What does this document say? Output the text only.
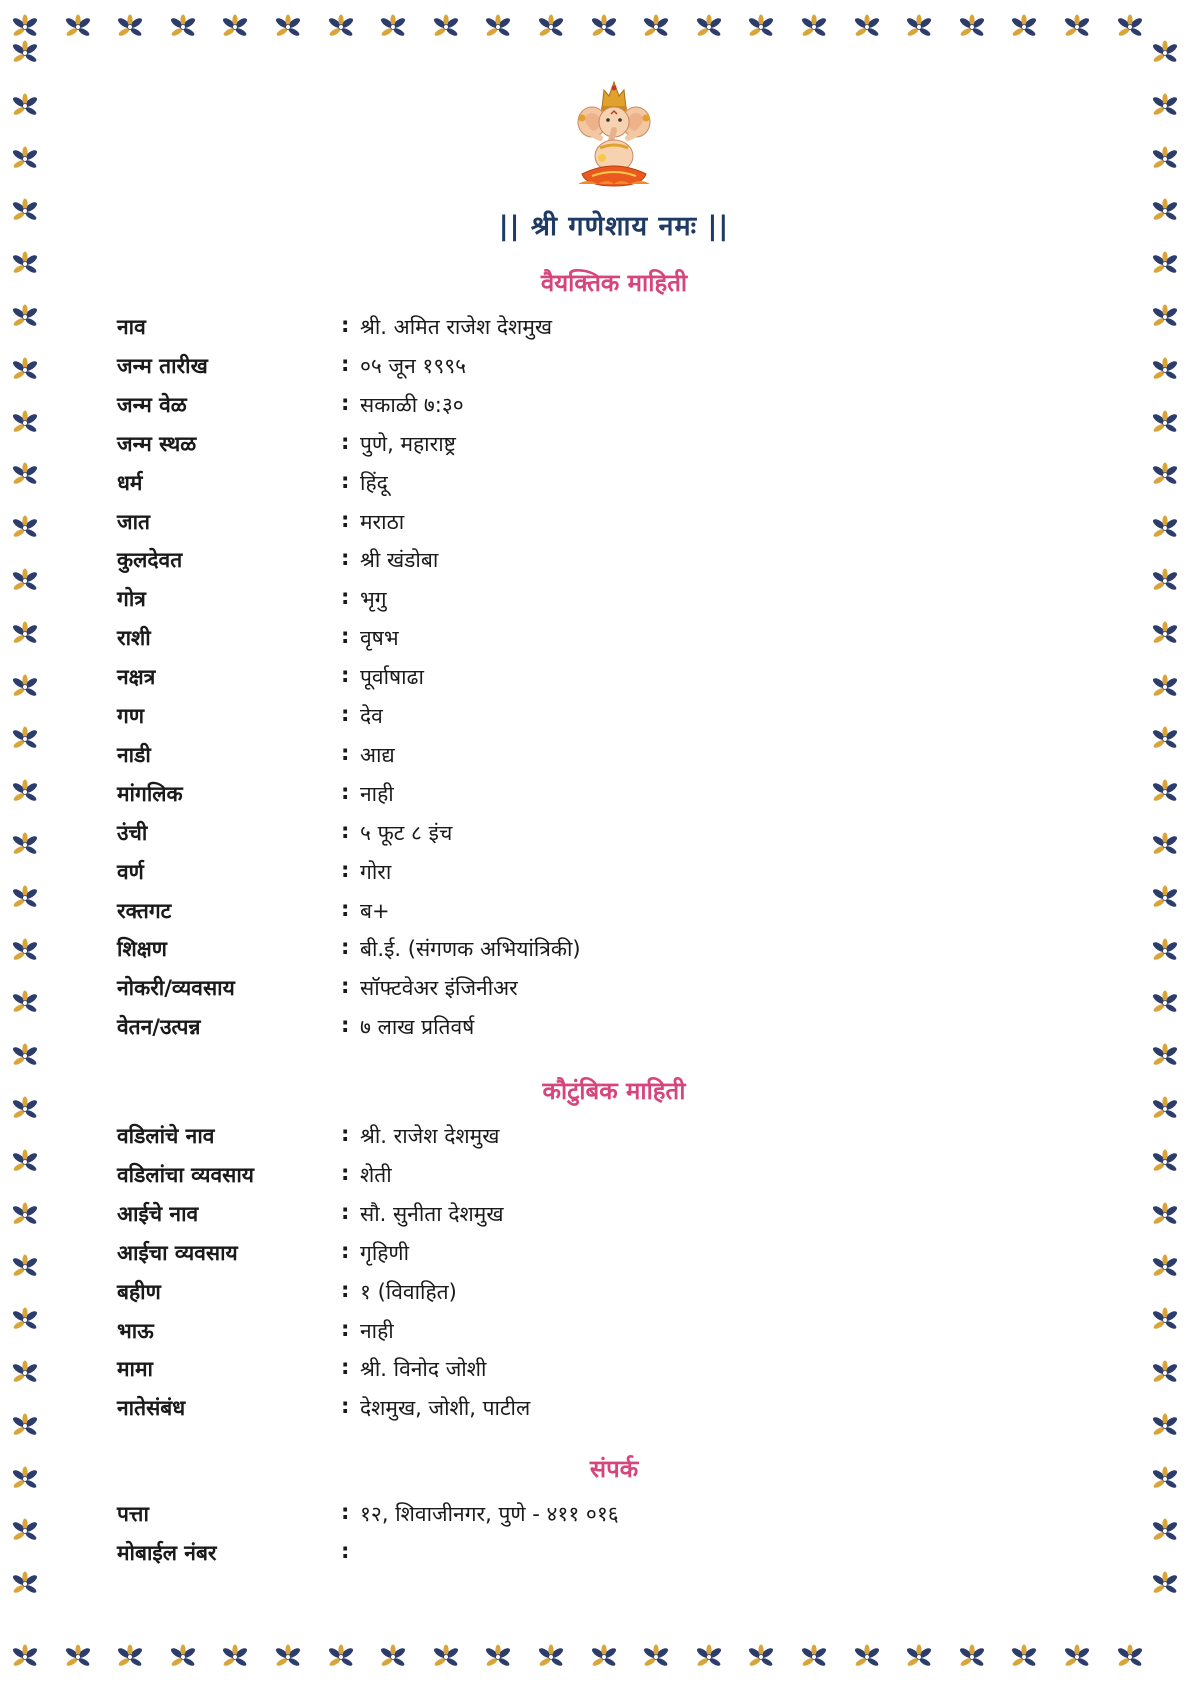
|| श्री गणेशाय नमः ||
वैयक्तिक माहिती
नाव	: श्री. अमित राजेश देशमुख
जन्म तारीख	: ०५ जून १९९५
जन्म वेळ	: सकाळी ७:३०
जन्म स्थळ	: पुणे, महाराष्ट्र
धर्म	: हिंदू
जात	: मराठा
कुलदेवत	: श्री खंडोबा
गोत्र	: भृगु
राशी	: वृषभ
नक्षत्र	: पूर्वाषाढा
गण	: देव
नाडी	: आद्य
मांगलिक	: नाही
उंची	: ५ फूट ८ इंच
वर्ण	: गोरा
रक्तगट	: ब+
शिक्षण	: बी.ई. (संगणक अभियांत्रिकी)
नोकरी/व्यवसाय	: सॉफ्टवेअर इंजिनीअर
वेतन/उत्पन्न	: ७ लाख प्रतिवर्ष
कौटुंबिक माहिती
वडिलांचे नाव	: श्री. राजेश देशमुख
वडिलांचा व्यवसाय	: शेती
आईचे नाव	: सौ. सुनीता देशमुख
आईचा व्यवसाय	: गृहिणी
बहीण	: १ (विवाहित)
भाऊ	: नाही
मामा	: श्री. विनोद जोशी
नातेसंबंध	: देशमुख, जोशी, पाटील
संपर्क
पत्ता	: १२, शिवाजीनगर, पुणे - ४११ ०१६
मोबाईल नंबर	:
